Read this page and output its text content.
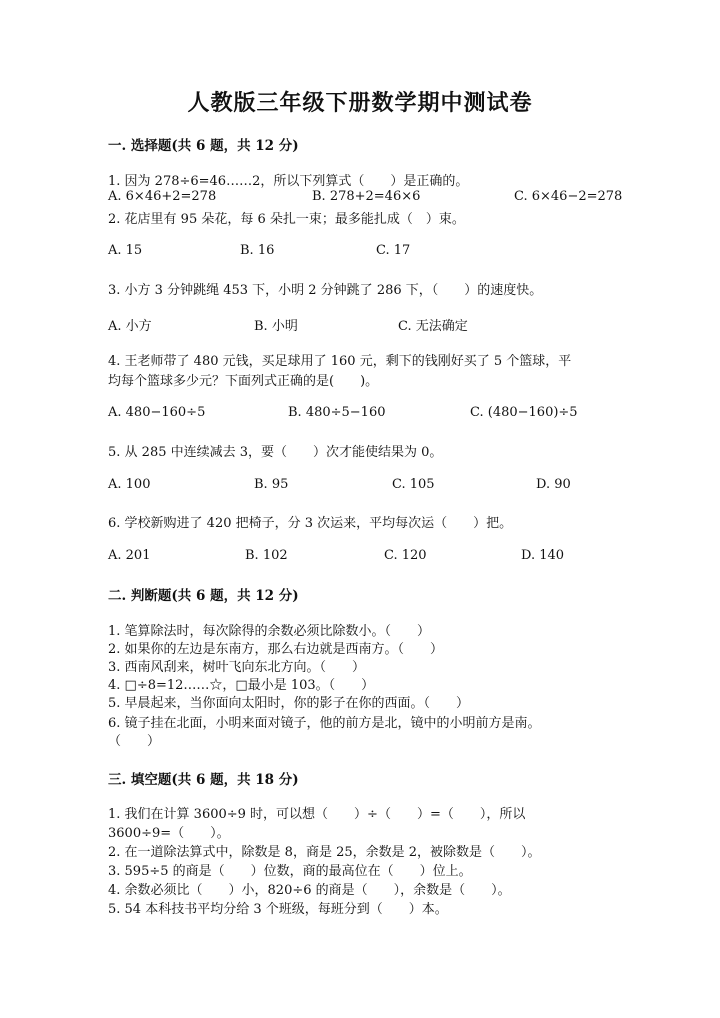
人教版三年级下册数学期中测试卷
一. 选择题(共 6 题，共 12 分)
1. 因为 278÷6=46……2，所以下列算式（　　）是正确的。
A. 6×46+2=278	B. 278+2=46×6	C. 6×46−2=278
2. 花店里有 95 朵花，每 6 朵扎一束；最多能扎成（　）束。
A. 15	B. 16	C. 17
3. 小方 3 分钟跳绳 453 下，小明 2 分钟跳了 286 下，（　　）的速度快。
A. 小方	B. 小明	C. 无法确定
4. 王老师带了 480 元钱，买足球用了 160 元，剩下的钱刚好买了 5 个篮球，平
均每个篮球多少元？下面列式正确的是(　　)。
A. 480−160÷5	B. 480÷5−160	C. (480−160)÷5
5. 从 285 中连续减去 3，要（　　）次才能使结果为 0。
A. 100	B. 95	C. 105	D. 90
6. 学校新购进了 420 把椅子，分 3 次运来，平均每次运（　　）把。
A. 201	B. 102	C. 120	D. 140
二. 判断题(共 6 题，共 12 分)
1. 笔算除法时，每次除得的余数必须比除数小。（　　）
2. 如果你的左边是东南方，那么右边就是西南方。（　　）
3. 西南风刮来，树叶飞向东北方向。（　　）
4. □÷8=12……☆，□最小是 103。（　　）
5. 早晨起来，当你面向太阳时，你的影子在你的西面。（　　）
6. 镜子挂在北面，小明来面对镜子，他的前方是北，镜中的小明前方是南。
（　　）
三. 填空题(共 6 题，共 18 分)
1. 我们在计算 3600÷9 时，可以想（　　）÷（　　）=（　　），所以
3600÷9=（　　）。
2. 在一道除法算式中，除数是 8，商是 25，余数是 2，被除数是（　　）。
3. 595÷5 的商是（　　）位数，商的最高位在（　　）位上。
4. 余数必须比（　　）小，820÷6 的商是（　　），余数是（　　）。
5. 54 本科技书平均分给 3 个班级，每班分到（　　）本。
